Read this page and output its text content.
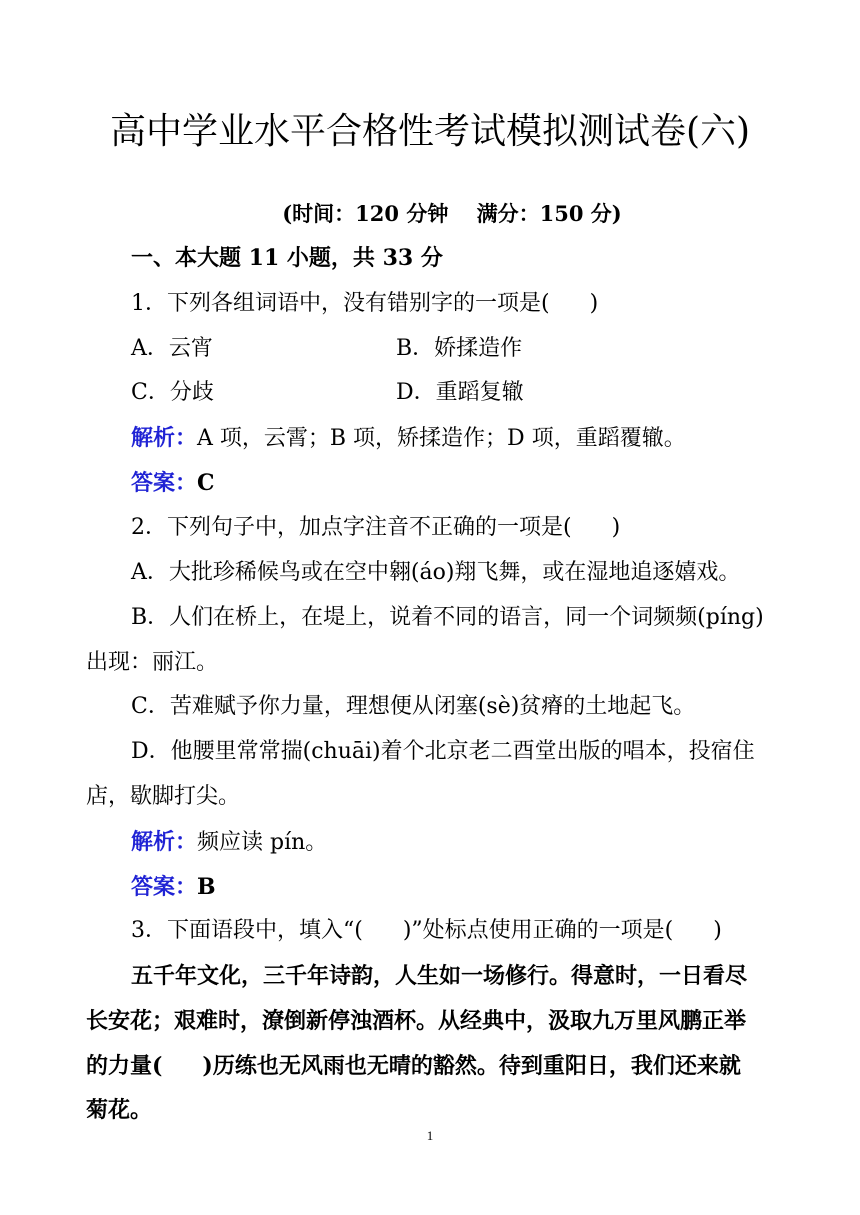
高中学业水平合格性考试模拟测试卷(六)
(时间：120 分钟　 满分：150 分)
一、本大题 11 小题，共 33 分
1．下列各组词语中，没有错别字的一项是( )
A．云宵	B．娇揉造作
C．分歧	D．重蹈复辙
解析：A 项，云霄；B 项，矫揉造作；D 项，重蹈覆辙。
答案：C
2．下列句子中，加点字注音不正确的一项是( )
A．大批珍稀候鸟或在空中翱(áo)翔飞舞，或在湿地追逐嬉戏。
B．人们在桥上，在堤上，说着不同的语言，同一个词频频(píng)
出现：丽江。
C．苦难赋予你力量，理想便从闭塞(sè)贫瘠的土地起飞。
D．他腰里常常揣(chuāi)着个北京老二酉堂出版的唱本，投宿住
店，歇脚打尖。
解析：频应读 pín。
答案：B
3．下面语段中，填入“( )”处标点使用正确的一项是( )
五千年文化，三千年诗韵，人生如一场修行。得意时，一日看尽
长安花；艰难时，潦倒新停浊酒杯。从经典中，汲取九万里风鹏正举
的力量( )历练也无风雨也无晴的豁然。待到重阳日，我们还来就
菊花。
1
